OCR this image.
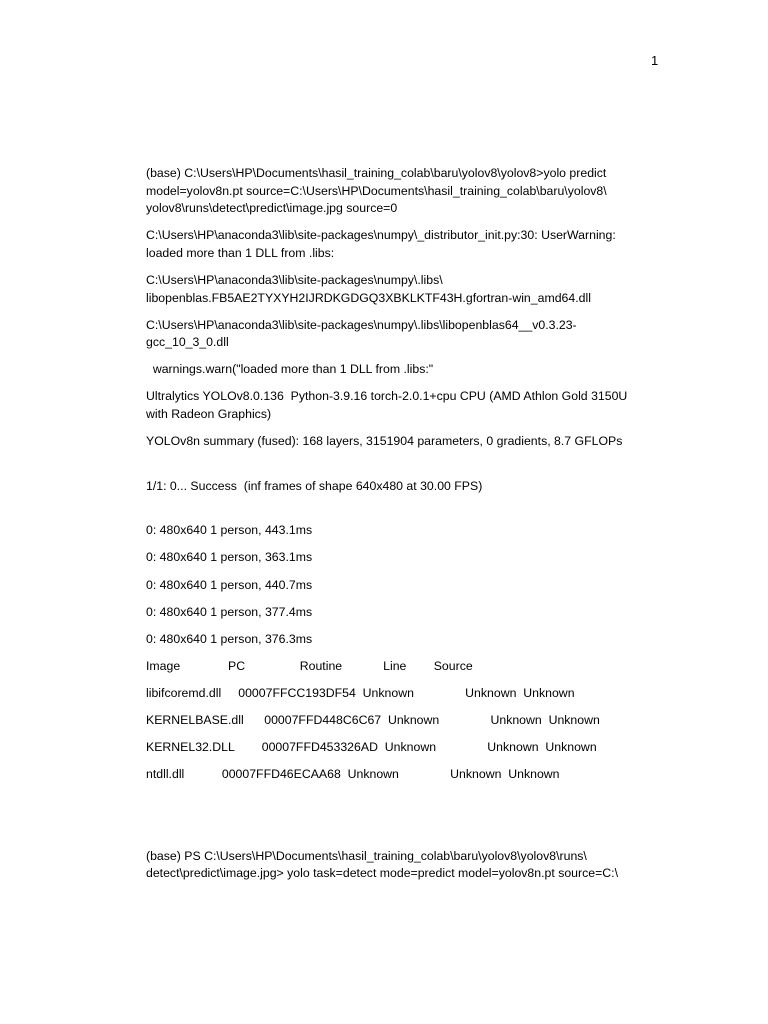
1
(base) C:\Users\HP\Documents\hasil_training_colab\baru\yolov8\yolov8>yolo predict
model=yolov8n.pt source=C:\Users\HP\Documents\hasil_training_colab\baru\yolov8\
yolov8\runs\detect\predict\image.jpg source=0
C:\Users\HP\anaconda3\lib\site-packages\numpy\_distributor_init.py:30: UserWarning:
loaded more than 1 DLL from .libs:
C:\Users\HP\anaconda3\lib\site-packages\numpy\.libs\
libopenblas.FB5AE2TYXYH2IJRDKGDGQ3XBKLKTF43H.gfortran-win_amd64.dll
C:\Users\HP\anaconda3\lib\site-packages\numpy\.libs\libopenblas64__v0.3.23-
gcc_10_3_0.dll
warnings.warn("loaded more than 1 DLL from .libs:"
Ultralytics YOLOv8.0.136  Python-3.9.16 torch-2.0.1+cpu CPU (AMD Athlon Gold 3150U
with Radeon Graphics)
YOLOv8n summary (fused): 168 layers, 3151904 parameters, 0 gradients, 8.7 GFLOPs
1/1: 0... Success  (inf frames of shape 640x480 at 30.00 FPS)
0: 480x640 1 person, 443.1ms
0: 480x640 1 person, 363.1ms
0: 480x640 1 person, 440.7ms
0: 480x640 1 person, 377.4ms
0: 480x640 1 person, 376.3ms
Image              PC                Routine            Line        Source
libifcoremd.dll     00007FFCC193DF54  Unknown               Unknown  Unknown
KERNELBASE.dll      00007FFD448C6C67  Unknown               Unknown  Unknown
KERNEL32.DLL        00007FFD453326AD  Unknown               Unknown  Unknown
ntdll.dll           00007FFD46ECAA68  Unknown               Unknown  Unknown
(base) PS C:\Users\HP\Documents\hasil_training_colab\baru\yolov8\yolov8\runs\
detect\predict\image.jpg> yolo task=detect mode=predict model=yolov8n.pt source=C:\
